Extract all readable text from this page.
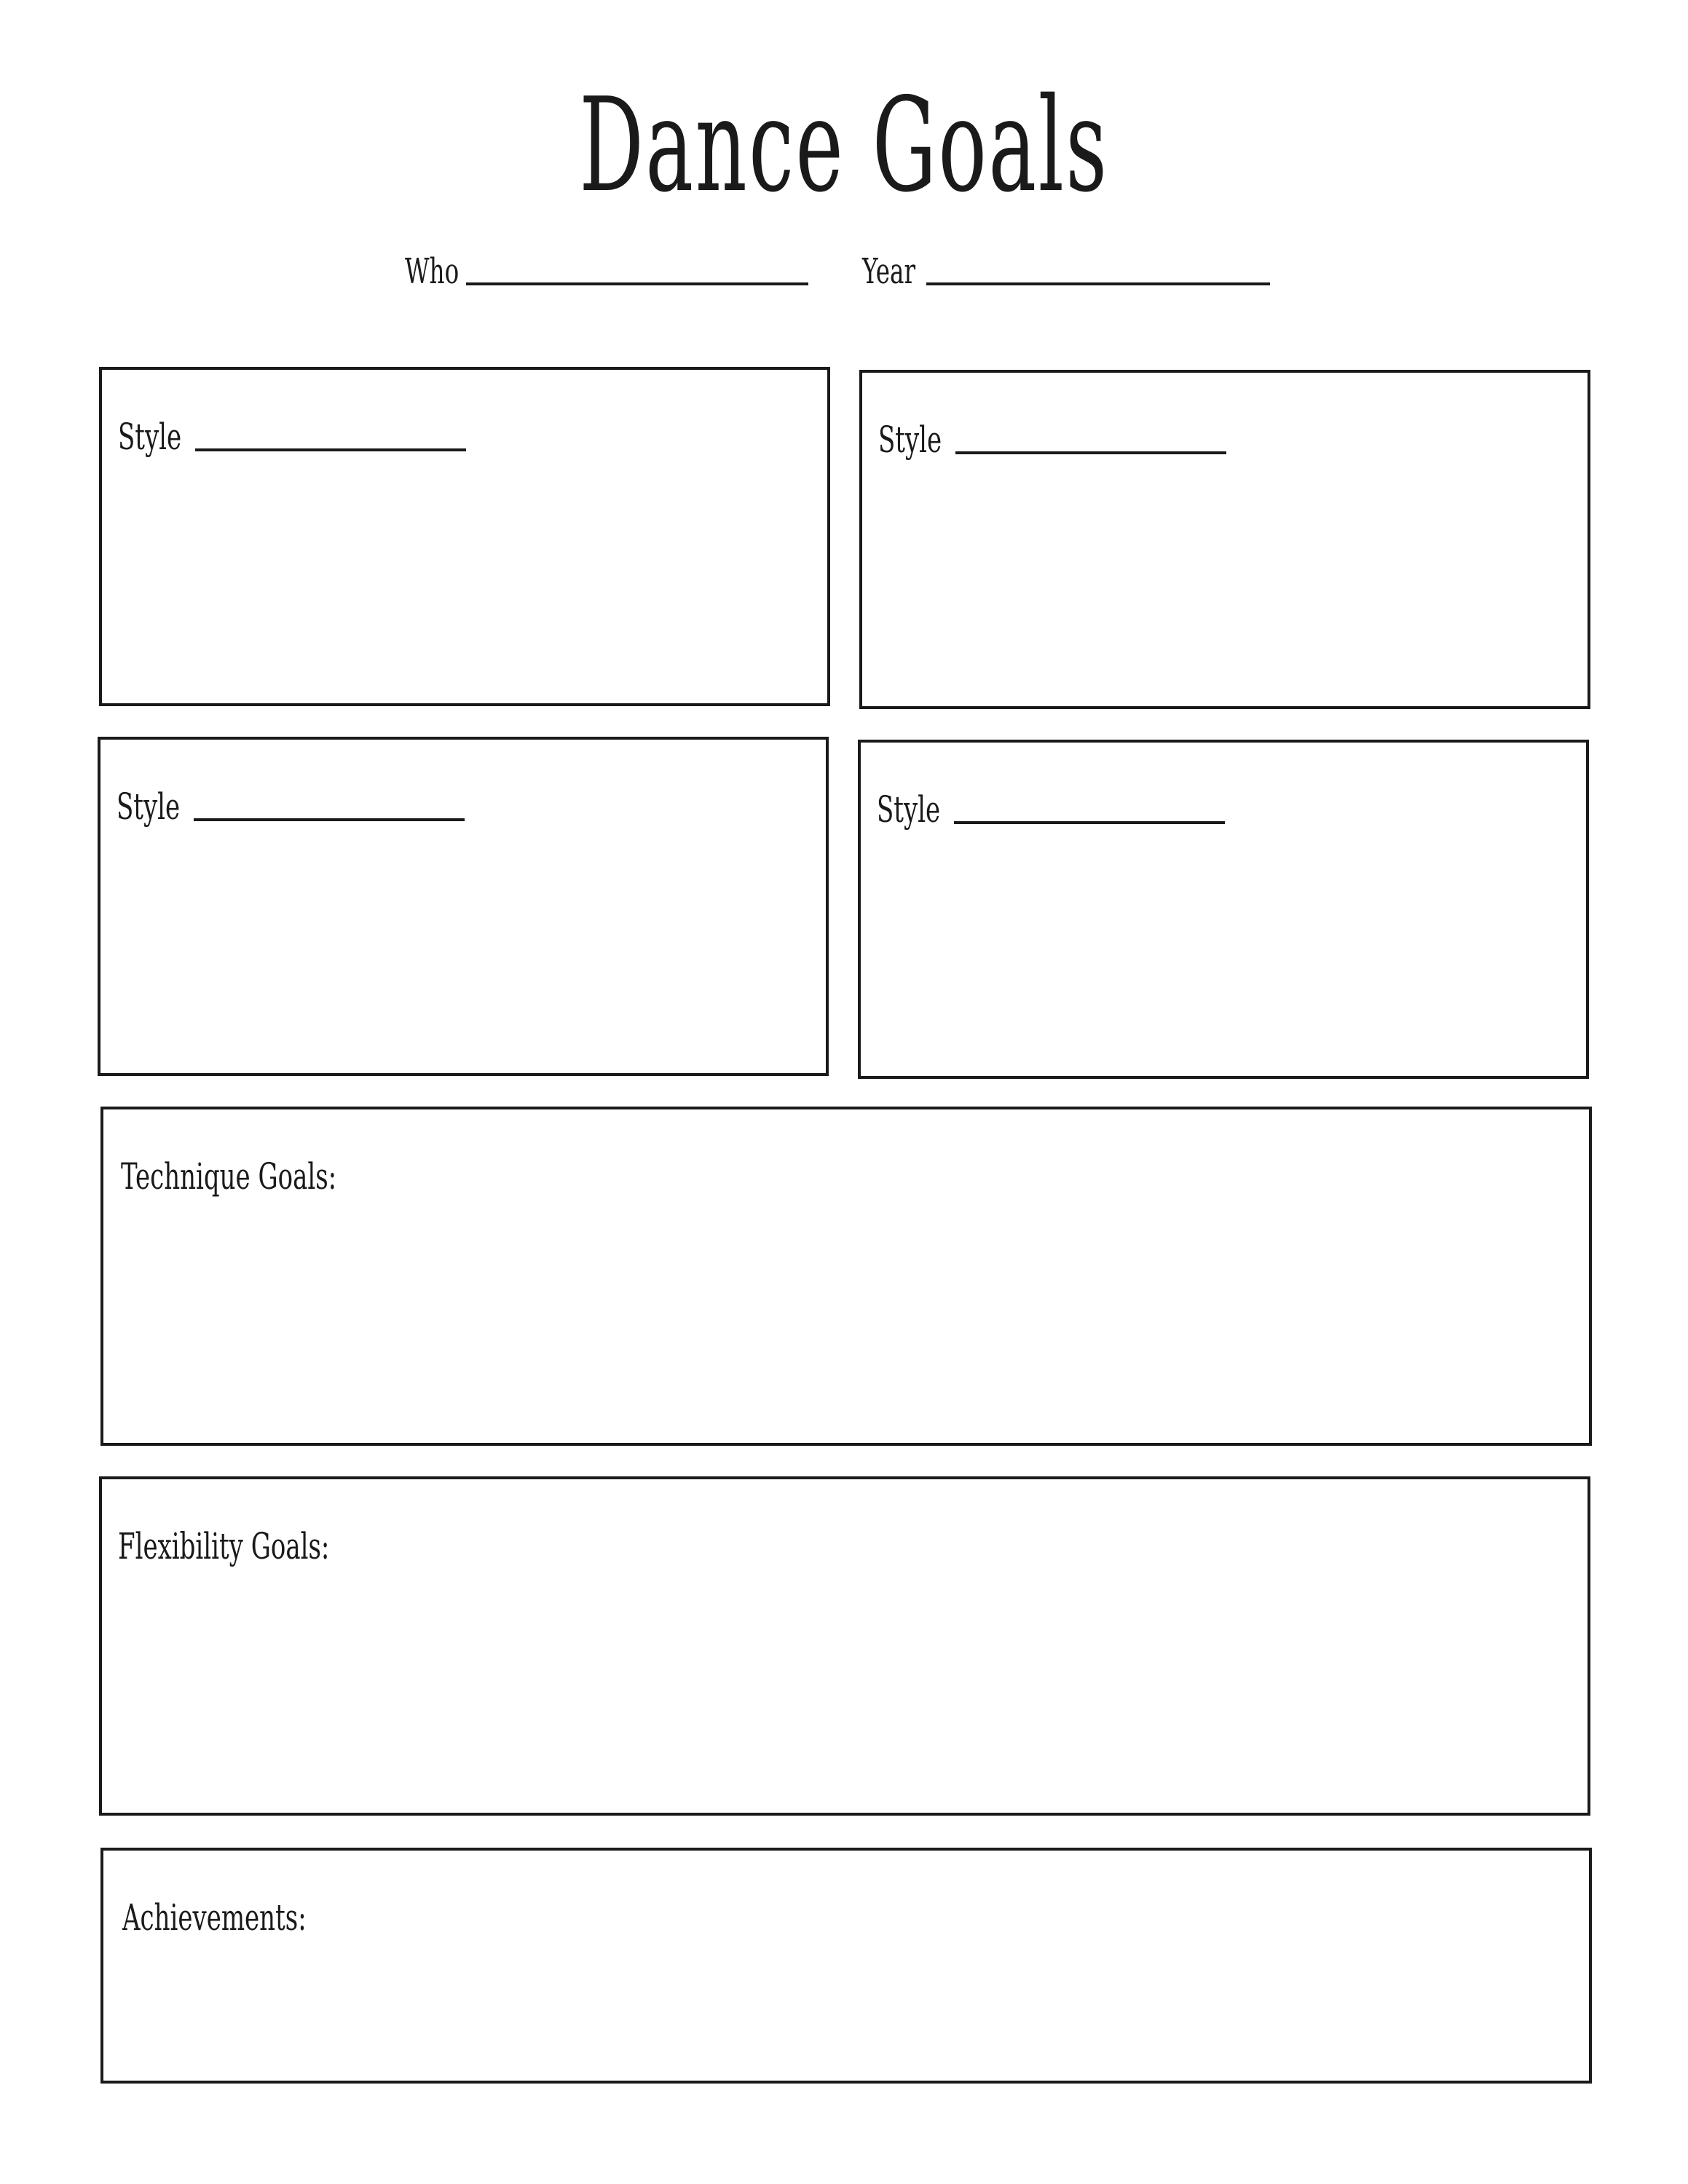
Dance Goals
Who	Year
Style	Style
Style	Style
Technique Goals:
Flexibility Goals:
Achievements:
